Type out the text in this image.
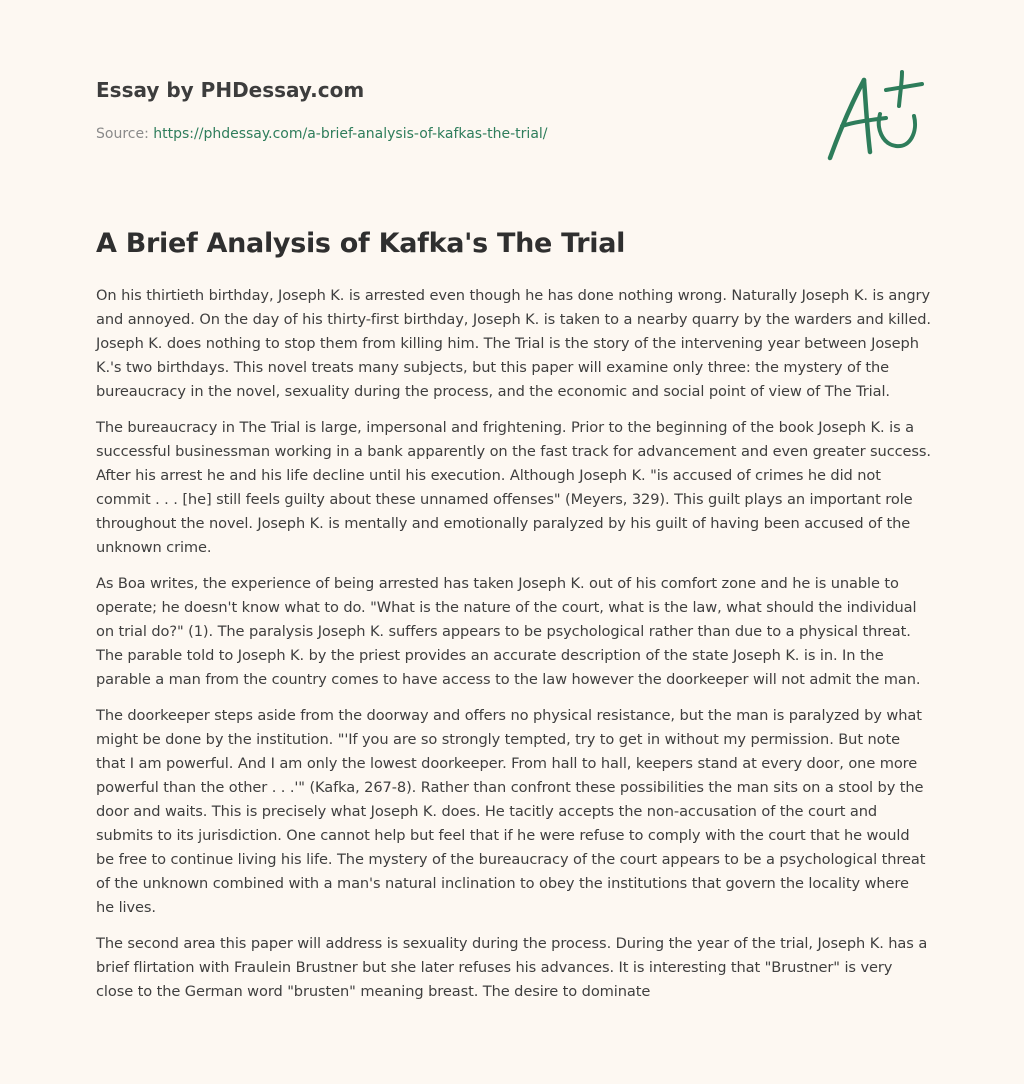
Essay by PHDessay.com
Source: https://phdessay.com/a-brief-analysis-of-kafkas-the-trial/
A Brief Analysis of Kafka's The Trial

On his thirtieth birthday, Joseph K. is arrested even though he has done nothing wrong. Naturally Joseph K. is angry and annoyed. On the day of his thirty-first birthday, Joseph K. is taken to a nearby quarry by the warders and killed. Joseph K. does nothing to stop them from killing him. The Trial is the story of the intervening year between Joseph K.'s two birthdays. This novel treats many subjects, but this paper will examine only three: the mystery of the bureaucracy in the novel, sexuality during the process, and the economic and social point of view of The Trial.

The bureaucracy in The Trial is large, impersonal and frightening. Prior to the beginning of the book Joseph K. is a successful businessman working in a bank apparently on the fast track for advancement and even greater success. After his arrest he and his life decline until his execution. Although Joseph K. "is accused of crimes he did not commit . . . [he] still feels guilty about these unnamed offenses" (Meyers, 329). This guilt plays an important role throughout the novel. Joseph K. is mentally and emotionally paralyzed by his guilt of having been accused of the unknown crime.

As Boa writes, the experience of being arrested has taken Joseph K. out of his comfort zone and he is unable to operate; he doesn't know what to do. "What is the nature of the court, what is the law, what should the individual on trial do?" (1). The paralysis Joseph K. suffers appears to be psychological rather than due to a physical threat. The parable told to Joseph K. by the priest provides an accurate description of the state Joseph K. is in. In the parable a man from the country comes to have access to the law however the doorkeeper will not admit the man.

The doorkeeper steps aside from the doorway and offers no physical resistance, but the man is paralyzed by what might be done by the institution. "'If you are so strongly tempted, try to get in without my permission. But note that I am powerful. And I am only the lowest doorkeeper. From hall to hall, keepers stand at every door, one more powerful than the other . . .'" (Kafka, 267-8). Rather than confront these possibilities the man sits on a stool by the door and waits. This is precisely what Joseph K. does. He tacitly accepts the non-accusation of the court and submits to its jurisdiction. One cannot help but feel that if he were refuse to comply with the court that he would be free to continue living his life. The mystery of the bureaucracy of the court appears to be a psychological threat of the unknown combined with a man's natural inclination to obey the institutions that govern the locality where he lives.

The second area this paper will address is sexuality during the process. During the year of the trial, Joseph K. has a brief flirtation with Fraulein Brustner but she later refuses his advances. It is interesting that "Brustner" is very close to the German word "brusten" meaning breast. The desire to dominate
